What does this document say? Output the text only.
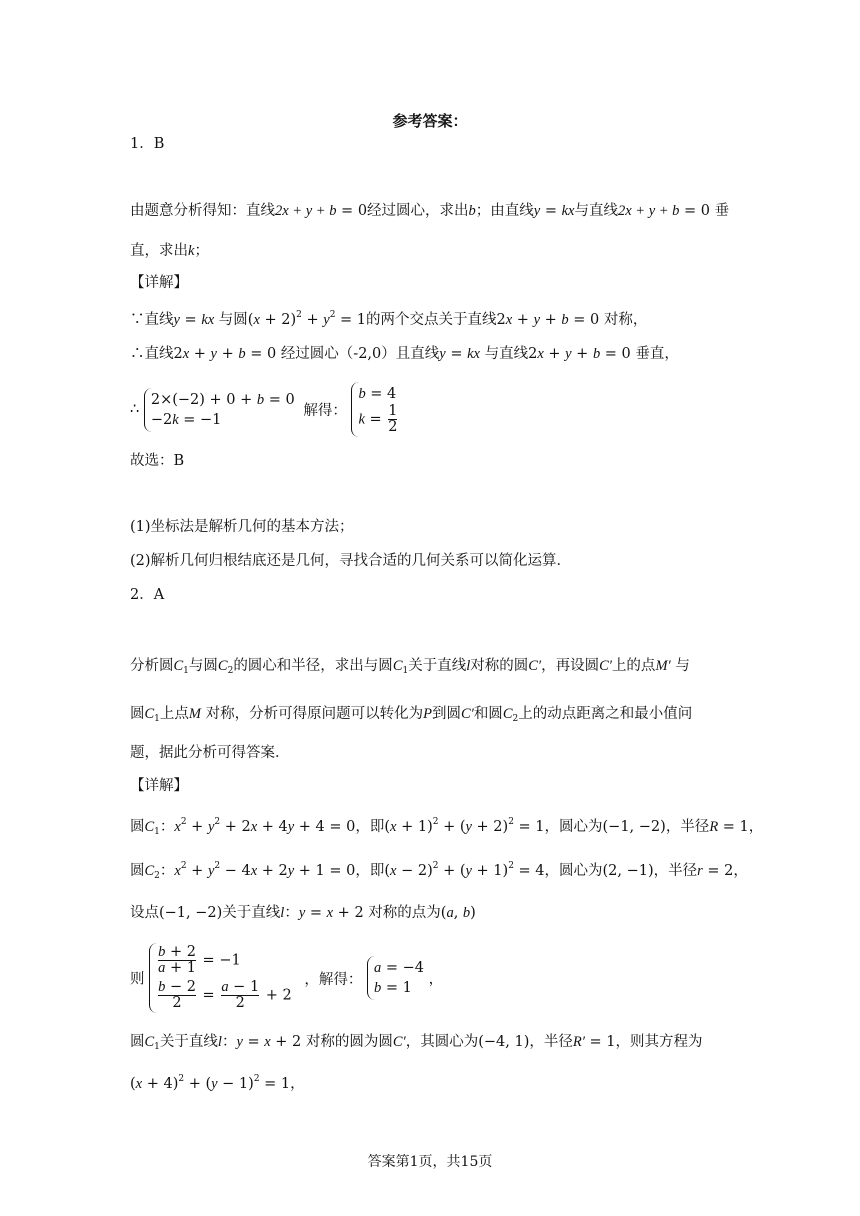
参考答案：
1．B
由题意分析得知：直线2x + y + b = 0经过圆心，求出b；由直线y = kx与直线2x + y + b = 0 垂
直，求出k；
【详解】
∵直线y = kx 与圆$(x + 2)^2 + y^2 = 1$的两个交点关于直线2x + y + b = 0 对称，
∴直线2x + y + b = 0 经过圆心（-2,0）且直线y = kx 与直线2x + y + b = 0 垂直，
∴
2×(−2) + 0 + b = 0
−2k = −1
解得：
b = 4
$k = \frac{1}{2}$
故选：B
(1)坐标法是解析几何的基本方法；
(2)解析几何归根结底还是几何，寻找合适的几何关系可以简化运算．
2．A
分析圆$C_1$与圆$C_2$的圆心和半径，求出与圆$C_1$关于直线l对称的圆C′，再设圆C′上的点M′ 与
圆$C_1$上点M 对称，分析可得原问题可以转化为P到圆C′和圆$C_2$上的动点距离之和最小值问
题，据此分析可得答案．
【详解】
圆$C_1$：$x^2 + y^2 + 2x + 4y + 4 = 0$，即$(x + 1)^2 + (y + 2)^2 = 1$，圆心为(−1, −2)，半径R = 1，
圆$C_2$：$x^2 + y^2 - 4x + 2y + 1 = 0$，即$(x - 2)^2 + (y + 1)^2 = 4$，圆心为(2, −1)，半径r = 2，
设点(−1, −2)关于直线l：y = x + 2 对称的点为(a, b)
则
$\frac{b + 2}{a + 1} = -1$
$\frac{b - 2}{2} = \frac{a - 1}{2} + 2$
，解得：
a = −4
b = 1
，
圆$C_1$关于直线l：y = x + 2 对称的圆为圆C′，其圆心为(−4, 1)，半径R′ = 1，则其方程为
$(x + 4)^2 + (y - 1)^2 = 1$，
答案第1页，共15页
